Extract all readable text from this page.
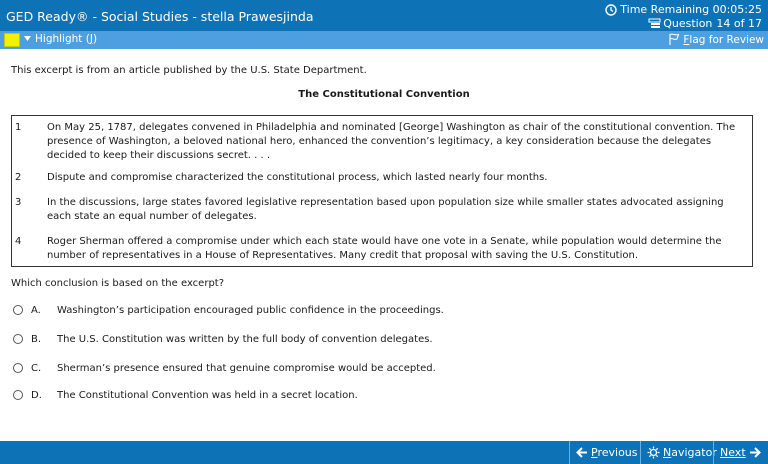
GED Ready® - Social Studies - stella Prawesjinda	Time Remaining 00:05:25
Question 14 of 17
Highlight (J)	Flag for Review
This excerpt is from an article published by the U.S. State Department.
The Constitutional Convention
1	On May 25, 1787, delegates convened in Philadelphia and nominated [George] Washington as chair of the constitutional convention. The presence of Washington, a beloved national hero, enhanced the convention’s legitimacy, a key consideration because the delegates decided to keep their discussions secret. . . .
2	Dispute and compromise characterized the constitutional process, which lasted nearly four months.
3	In the discussions, large states favored legislative representation based upon population size while smaller states advocated assigning each state an equal number of delegates.
4	Roger Sherman offered a compromise under which each state would have one vote in a Senate, while population would determine the number of representatives in a House of Representatives. Many credit that proposal with saving the U.S. Constitution.
Which conclusion is based on the excerpt?
A.	Washington’s participation encouraged public confidence in the proceedings.
B.	The U.S. Constitution was written by the full body of convention delegates.
C.	Sherman’s presence ensured that genuine compromise would be accepted.
D.	The Constitutional Convention was held in a secret location.
Previous Navigator Next
